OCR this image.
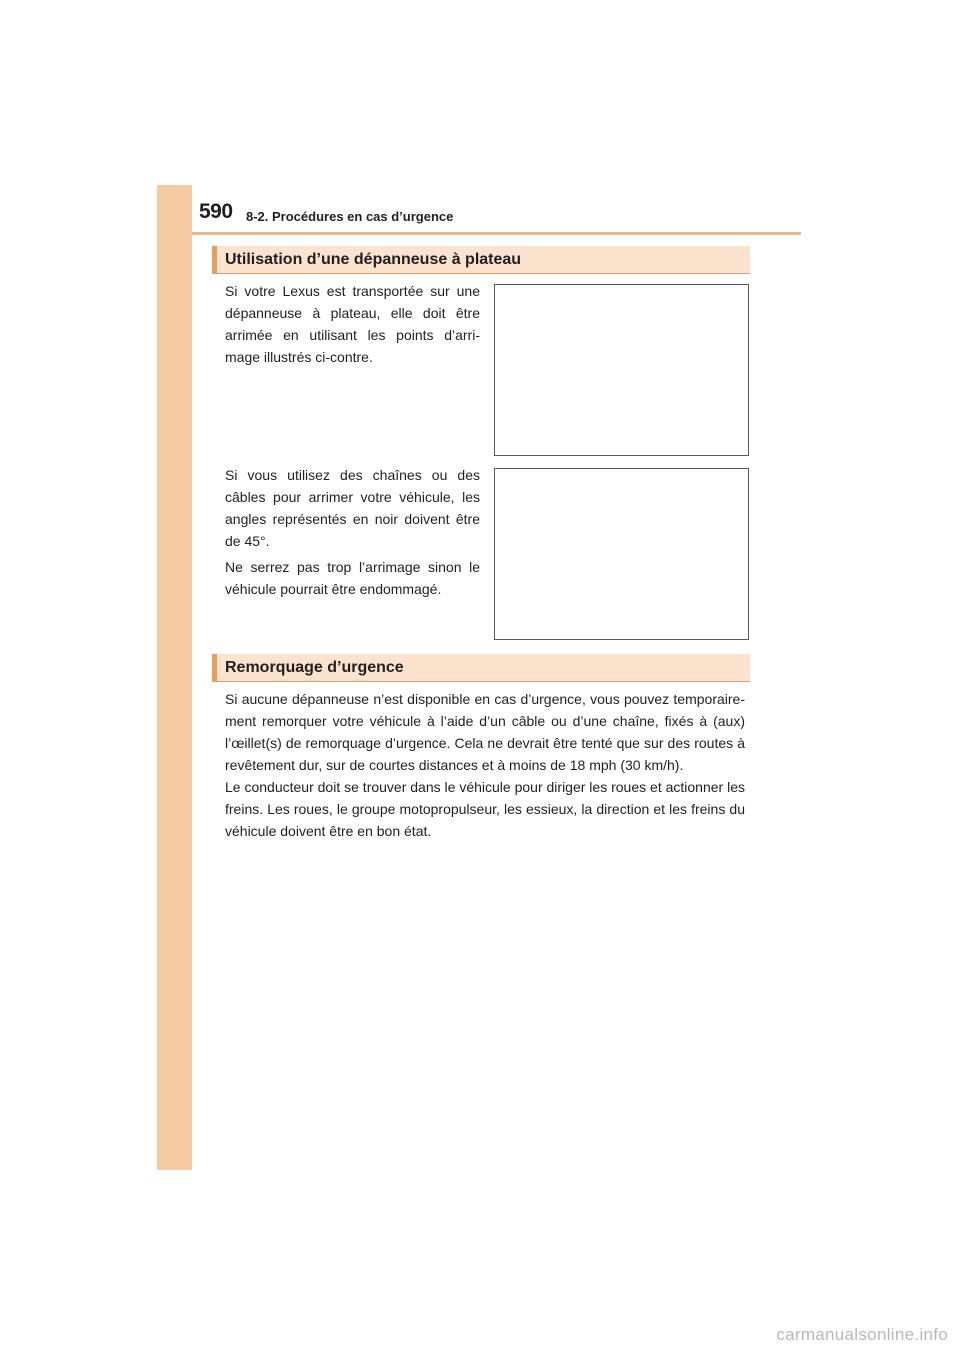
590 8-2. Procédures en cas d’urgence
Utilisation d’une dépanneuse à plateau

Si votre Lexus est transportée sur une dépanneuse à plateau, elle doit être arrimée en utilisant les points d’arri-mage illustrés ci-contre.

Si vous utilisez des chaînes ou des câbles pour arrimer votre véhicule, les angles représentés en noir doivent être de 45°.

Ne serrez pas trop l’arrimage sinon le véhicule pourrait être endommagé.

Remorquage d’urgence

Si aucune dépanneuse n’est disponible en cas d’urgence, vous pouvez temporaire-ment remorquer votre véhicule à l’aide d’un câble ou d’une chaîne, fixés à (aux) l’œillet(s) de remorquage d’urgence. Cela ne devrait être tenté que sur des routes à revêtement dur, sur de courtes distances et à moins de 18 mph (30 km/h).

Le conducteur doit se trouver dans le véhicule pour diriger les roues et actionner les freins. Les roues, le groupe motopropulseur, les essieux, la direction et les freins du véhicule doivent être en bon état.

carmanualsonline.info
